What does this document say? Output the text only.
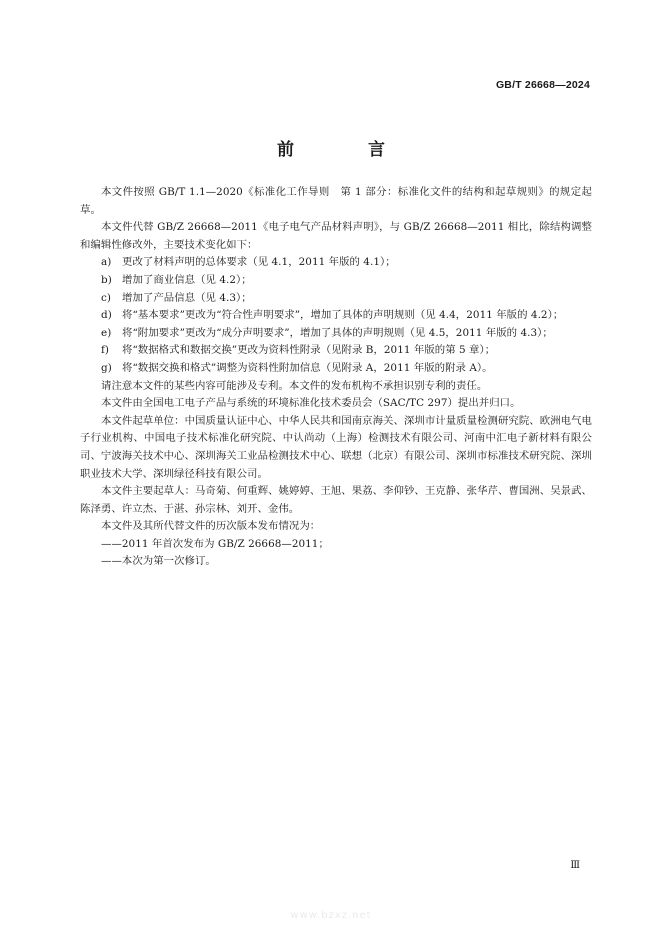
GB/T 26668—2024
前 言

本文件按照 GB/T 1.1—2020《标准化工作导则　第 1 部分：标准化文件的结构和起草规则》的规定起草。

本文件代替 GB/Z 26668—2011《电子电气产品材料声明》，与 GB/Z 26668—2011 相比，除结构调整和编辑性修改外，主要技术变化如下：

a) 更改了材料声明的总体要求（见 4.1，2011 年版的 4.1）；

b) 增加了商业信息（见 4.2）；

c) 增加了产品信息（见 4.3）；

d) 将“基本要求”更改为“符合性声明要求”，增加了具体的声明规则（见 4.4，2011 年版的 4.2）；

e) 将“附加要求”更改为“成分声明要求”，增加了具体的声明规则（见 4.5，2011 年版的 4.3）；

f) 将“数据格式和数据交换”更改为资料性附录（见附录 B，2011 年版的第 5 章）；

g) 将“数据交换和格式”调整为资料性附加信息（见附录 A，2011 年版的附录 A）。

请注意本文件的某些内容可能涉及专利。本文件的发布机构不承担识别专利的责任。

本文件由全国电工电子产品与系统的环境标准化技术委员会（SAC/TC 297）提出并归口。

本文件起草单位：中国质量认证中心、中华人民共和国南京海关、深圳市计量质量检测研究院、欧洲电气电子行业机构、中国电子技术标准化研究院、中认尚动（上海）检测技术有限公司、河南中汇电子新材料有限公司、宁波海关技术中心、深圳海关工业品检测技术中心、联想（北京）有限公司、深圳市标准技术研究院、深圳职业技术大学、深圳绿径科技有限公司。

本文件主要起草人：马奇菊、何重辉、姚婷婷、王旭、果荔、李仰钞、王克静、张华芹、曹国洲、吴景武、陈泽勇、许立杰、于湛、孙宗林、刘开、金伟。

本文件及其所代替文件的历次版本发布情况为：

——2011 年首次发布为 GB/Z 26668—2011；

——本次为第一次修订。

Ⅲ
www.bzxz.net
